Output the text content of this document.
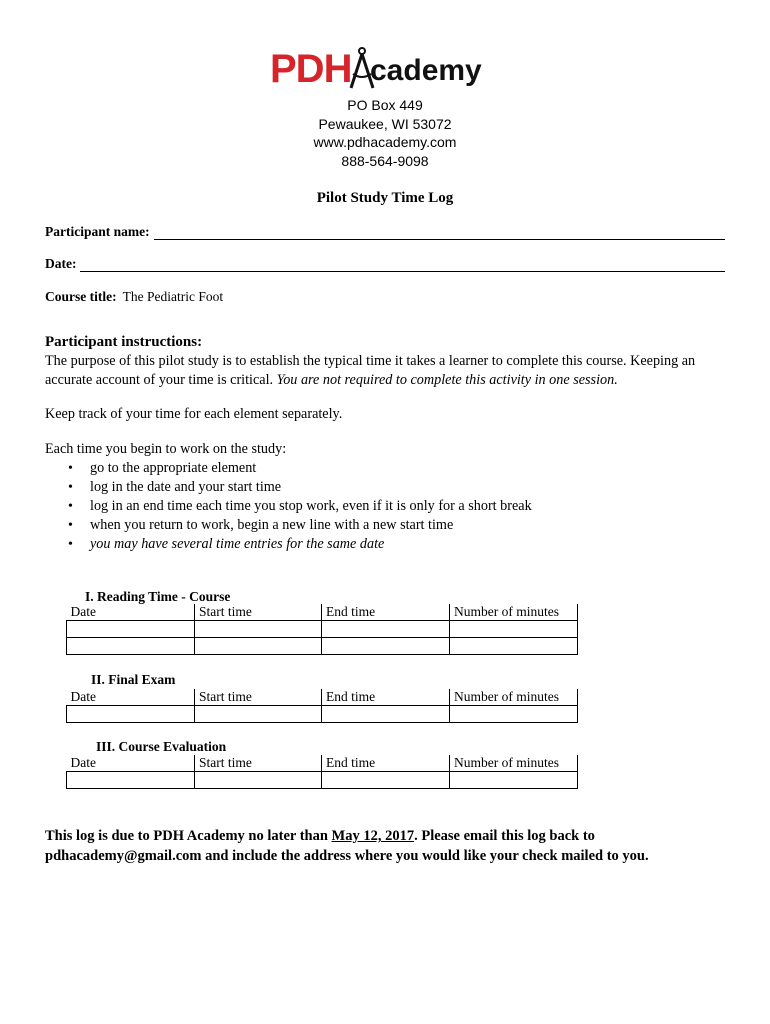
PDH cademy
PO Box 449
Pewaukee, WI 53072
www.pdhacademy.com
888-564-9098
Pilot Study Time Log
Participant name:
Date:
Course title: The Pediatric Foot
Participant instructions:
The purpose of this pilot study is to establish the typical time it takes a learner to complete this course. Keeping an accurate account of your time is critical. You are not required to complete this activity in one session.
Keep track of your time for each element separately.
Each time you begin to work on the study:
• go to the appropriate element
• log in the date and your start time
• log in an end time each time you stop work, even if it is only for a short break
• when you return to work, begin a new line with a new start time
• you may have several time entries for the same date
I. Reading Time - Course
Date	Start time	End time	Number of minutes

II. Final Exam
Date	Start time	End time	Number of minutes

III. Course Evaluation
Date	Start time	End time	Number of minutes

This log is due to PDH Academy no later than May 12, 2017. Please email this log back to pdhacademy@gmail.com and include the address where you would like your check mailed to you.
